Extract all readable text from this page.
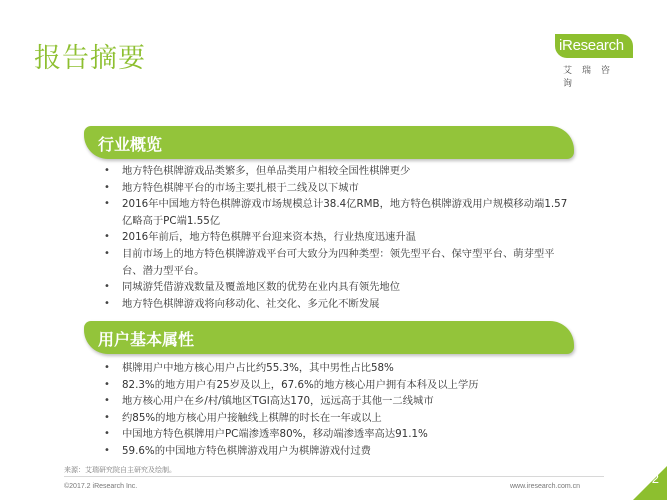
报告摘要	iResearch
艾瑞咨询
行业概览
• 地方特色棋牌游戏品类繁多，但单品类用户相较全国性棋牌更少
• 地方特色棋牌平台的市场主要扎根于二线及以下城市
• 2016年中国地方特色棋牌游戏市场规模总计38.4亿RMB，地方特色棋牌游戏用户规模移动端1.57亿略高于PC端1.55亿
• 2016年前后，地方特色棋牌平台迎来资本热，行业热度迅速升温
• 目前市场上的地方特色棋牌游戏平台可大致分为四种类型：领先型平台、保守型平台、萌芽型平台、潜力型平台。
• 同城游凭借游戏数量及覆盖地区数的优势在业内具有领先地位
• 地方特色棋牌游戏将向移动化、社交化、多元化不断发展
用户基本属性
• 棋牌用户中地方核心用户占比约55.3%，其中男性占比58%
• 82.3%的地方用户有25岁及以上，67.6%的地方核心用户拥有本科及以上学历
• 地方核心用户在乡/村/镇地区TGI高达170，远远高于其他一二线城市
• 约85%的地方核心用户接触线上棋牌的时长在一年或以上
• 中国地方特色棋牌用户PC端渗透率80%，移动端渗透率高达91.1%
• 59.6%的中国地方特色棋牌游戏用户为棋牌游戏付过费
来源：艾瑞研究院自主研究及绘制。
©2017.2 iResearch Inc.	www.iresearch.com.cn
2
